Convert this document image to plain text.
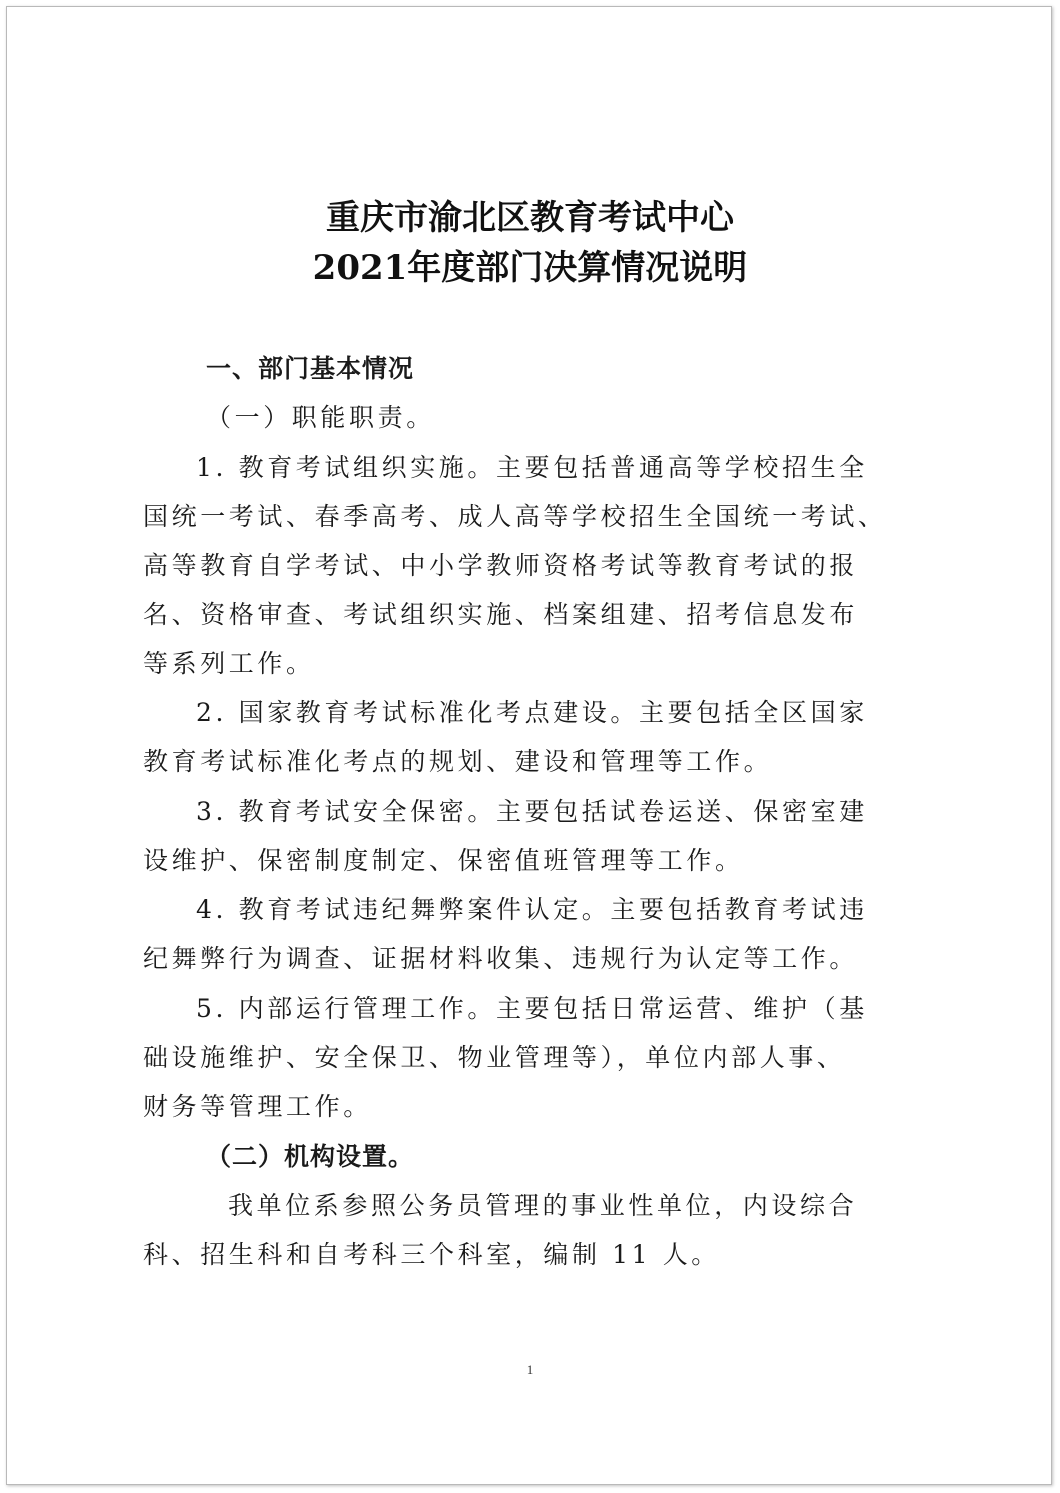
重庆市渝北区教育考试中心
2021年度部门决算情况说明
一、部门基本情况
（一）职能职责。
1. 教育考试组织实施。主要包括普通高等学校招生全
国统一考试、春季高考、成人高等学校招生全国统一考试、
高等教育自学考试、中小学教师资格考试等教育考试的报
名、资格审查、考试组织实施、档案组建、招考信息发布
等系列工作。
2. 国家教育考试标准化考点建设。主要包括全区国家
教育考试标准化考点的规划、建设和管理等工作。
3. 教育考试安全保密。主要包括试卷运送、保密室建
设维护、保密制度制定、保密值班管理等工作。
4. 教育考试违纪舞弊案件认定。主要包括教育考试违
纪舞弊行为调查、证据材料收集、违规行为认定等工作。
5. 内部运行管理工作。主要包括日常运营、维护（基
础设施维护、安全保卫、物业管理等），单位内部人事、
财务等管理工作。
（二）机构设置。
我单位系参照公务员管理的事业性单位，内设综合
科、招生科和自考科三个科室，编制 11 人。
1
